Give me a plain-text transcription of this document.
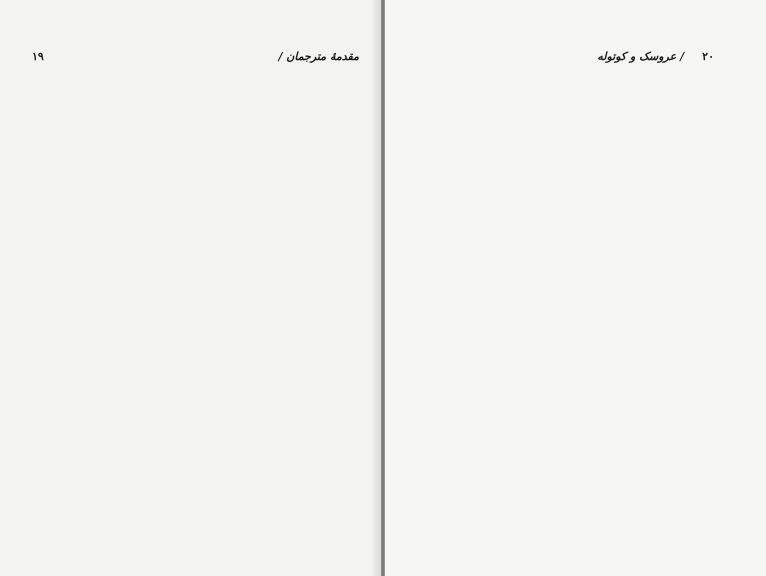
١٩	مقدمهٔ مترجمان /	٢٠
/ عروسک و کوتوله
